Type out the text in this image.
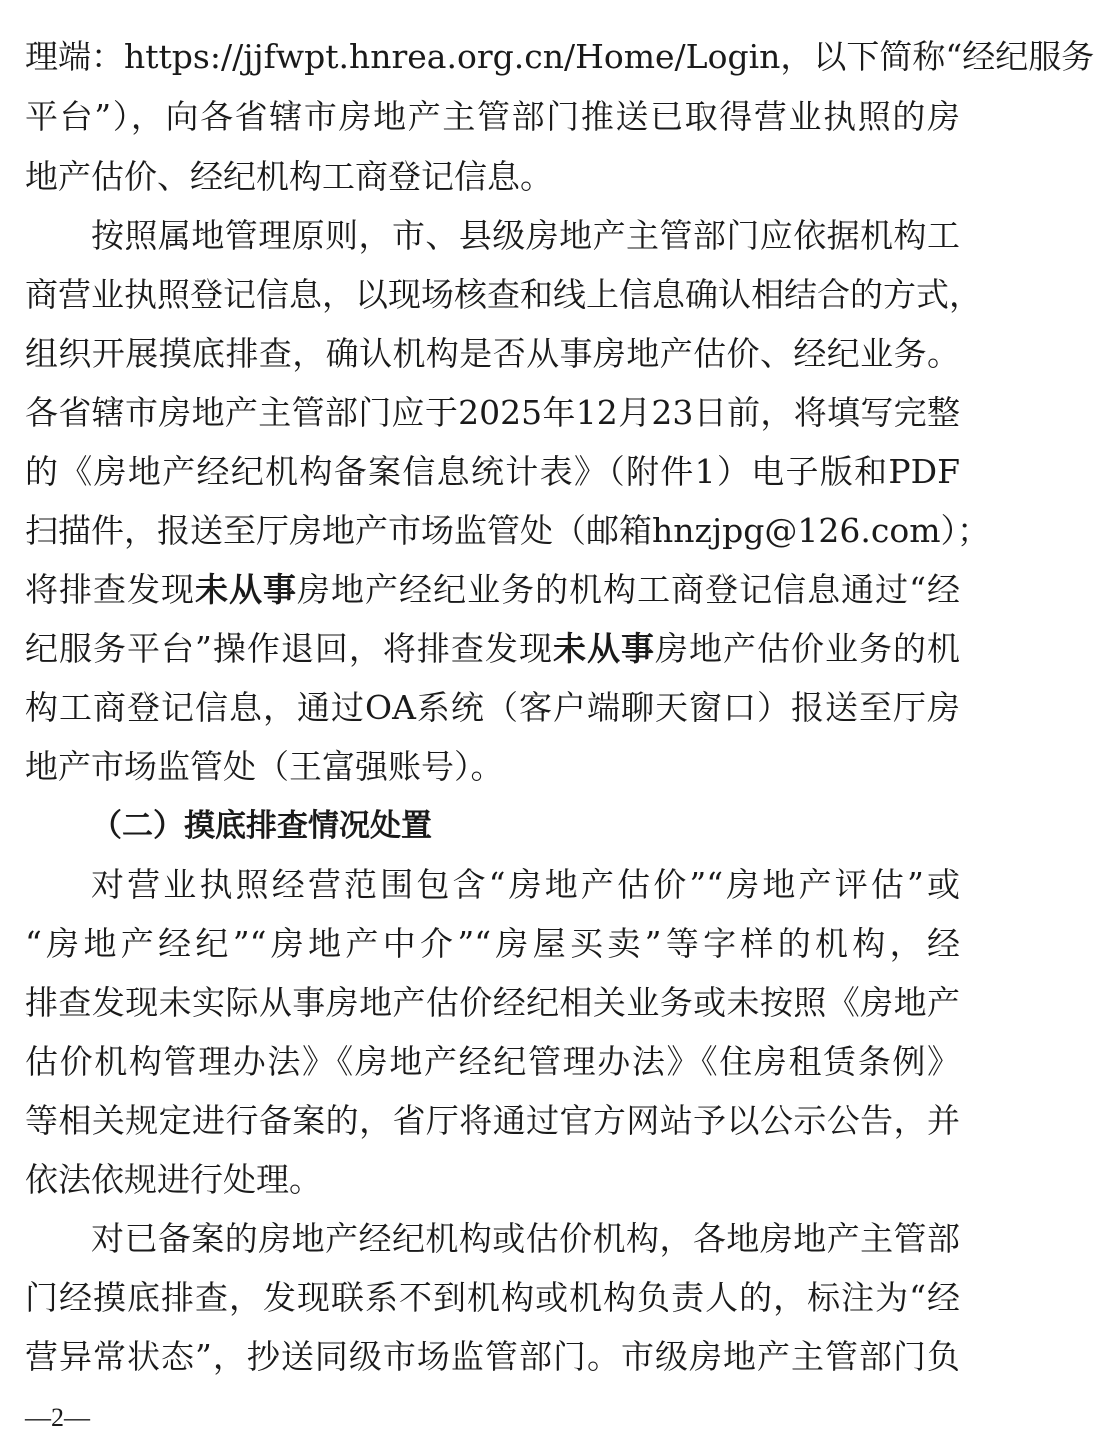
理端：https://jjfwpt.hnrea.org.cn/Home/Login，以下简称“经纪服务
平台”），向各省辖市房地产主管部门推送已取得营业执照的房
地产估价、经纪机构工商登记信息。
按照属地管理原则，市、县级房地产主管部门应依据机构工
商营业执照登记信息，以现场核查和线上信息确认相结合的方式，
组织开展摸底排查，确认机构是否从事房地产估价、经纪业务。
各省辖市房地产主管部门应于2025年12月23日前，将填写完整
的《房地产经纪机构备案信息统计表》（附件1）电子版和PDF
扫描件，报送至厅房地产市场监管处（邮箱hnzjpg@126.com）；
将排查发现未从事房地产经纪业务的机构工商登记信息通过“经
纪服务平台”操作退回，将排查发现未从事房地产估价业务的机
构工商登记信息，通过OA系统（客户端聊天窗口）报送至厅房
地产市场监管处（王富强账号）。
（二）摸底排查情况处置
对营业执照经营范围包含“房地产估价”“房地产评估”或
“房地产经纪”“房地产中介”“房屋买卖”等字样的机构，经
排查发现未实际从事房地产估价经纪相关业务或未按照《房地产
估价机构管理办法》《房地产经纪管理办法》《住房租赁条例》
等相关规定进行备案的，省厅将通过官方网站予以公示公告，并
依法依规进行处理。
对已备案的房地产经纪机构或估价机构，各地房地产主管部
门经摸底排查，发现联系不到机构或机构负责人的，标注为“经
营异常状态”，抄送同级市场监管部门。市级房地产主管部门负
—2—
